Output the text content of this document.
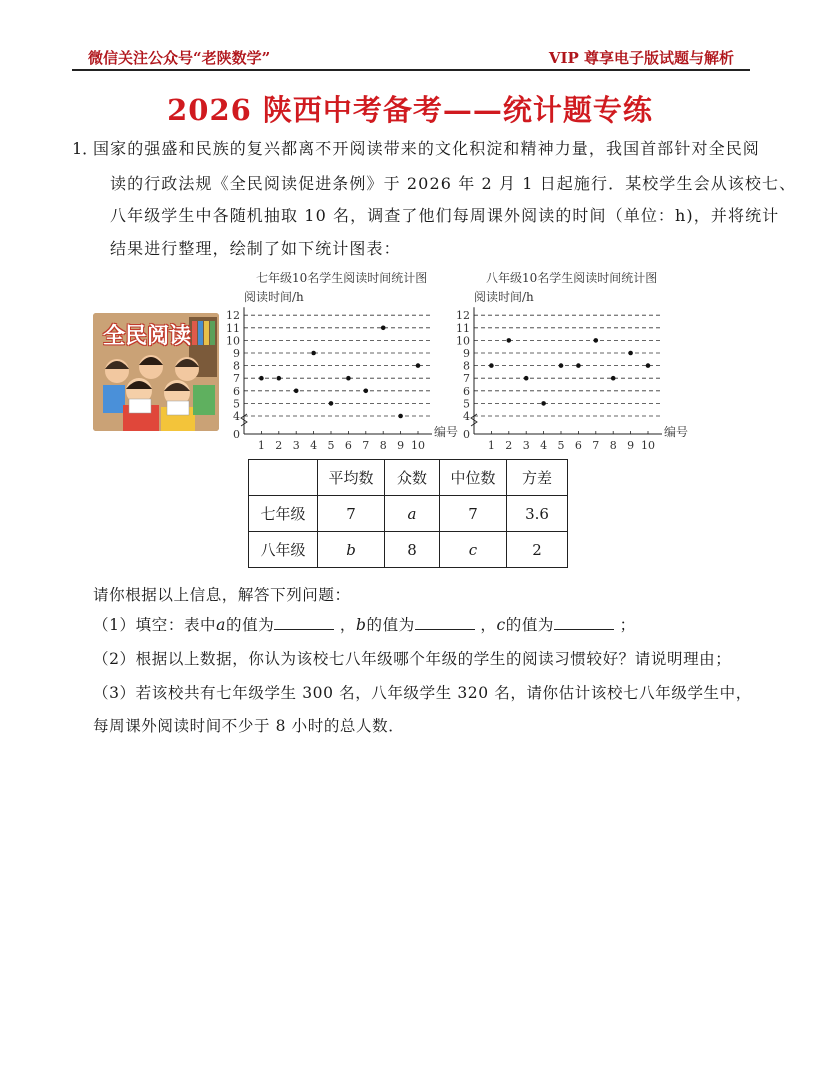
微信关注公众号“老陕数学”	VIP 尊享电子版试题与解析
2026 陕西中考备考——统计题专练
1．
国家的强盛和民族的复兴都离不开阅读带来的文化积淀和精神力量，我国首部针对全民阅
读的行政法规《全民阅读促进条例》于 2026 年 2 月 1 日起施行．某校学生会从该校七、
八年级学生中各随机抽取 10 名，调查了他们每周课外阅读的时间（单位：h)，并将统计
结果进行整理，绘制了如下统计图表：
全民阅读
七年级10名学生阅读时间统计图
阅读时间/h
0
4
5
6
7
8
9
10
11
12
1 2 3 4 5 6 7 8 9 10
编号
八年级10名学生阅读时间统计图
阅读时间/h
0
4
5
6
7
8
9
10
11
12
1 2 3 4 5 6 7 8 9 10
编号
	平均数	众数	中位数	方差
七年级	7	a	7	3.6
八年级	b	8	c	2
请你根据以上信息，解答下列问题：
（1）填空：表中a的值为	，b的值为	，c的值为	；
（2）根据以上数据，你认为该校七八年级哪个年级的学生的阅读习惯较好？请说明理由；
（3）若该校共有七年级学生 300 名，八年级学生 320 名，请你估计该校七八年级学生中，
每周课外阅读时间不少于 8 小时的总人数．
